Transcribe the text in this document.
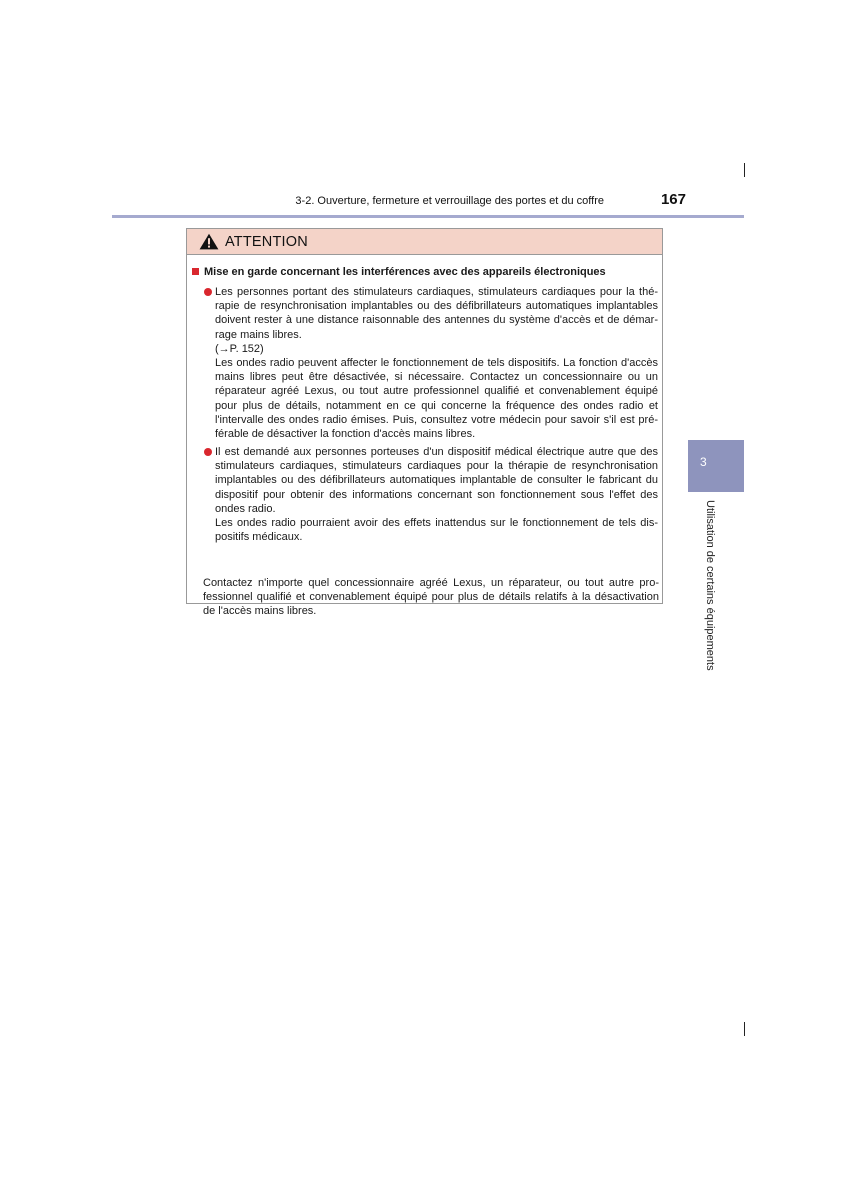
3-2. Ouverture, fermeture et verrouillage des portes et du coffre	167
3
Utilisation de certains équipements
ATTENTION
Mise en garde concernant les interférences avec des appareils électroniques
Les personnes portant des stimulateurs cardiaques, stimulateurs cardiaques pour la thé-
rapie de resynchronisation implantables ou des défibrillateurs automatiques implantables
doivent rester à une distance raisonnable des antennes du système d'accès et de démar-
rage mains libres.
(→P. 152)
Les ondes radio peuvent affecter le fonctionnement de tels dispositifs. La fonction d'accès
mains libres peut être désactivée, si nécessaire. Contactez un concessionnaire ou un
réparateur agréé Lexus, ou tout autre professionnel qualifié et convenablement équipé
pour plus de détails, notamment en ce qui concerne la fréquence des ondes radio et
l'intervalle des ondes radio émises. Puis, consultez votre médecin pour savoir s'il est pré-
férable de désactiver la fonction d'accès mains libres.
Il est demandé aux personnes porteuses d'un dispositif médical électrique autre que des
stimulateurs cardiaques, stimulateurs cardiaques pour la thérapie de resynchronisation
implantables ou des défibrillateurs automatiques implantable de consulter le fabricant du
dispositif pour obtenir des informations concernant son fonctionnement sous l'effet des
ondes radio.
Les ondes radio pourraient avoir des effets inattendus sur le fonctionnement de tels dis-
positifs médicaux.
Contactez n'importe quel concessionnaire agréé Lexus, un réparateur, ou tout autre pro-
fessionnel qualifié et convenablement équipé pour plus de détails relatifs à la désactivation
de l'accès mains libres.
